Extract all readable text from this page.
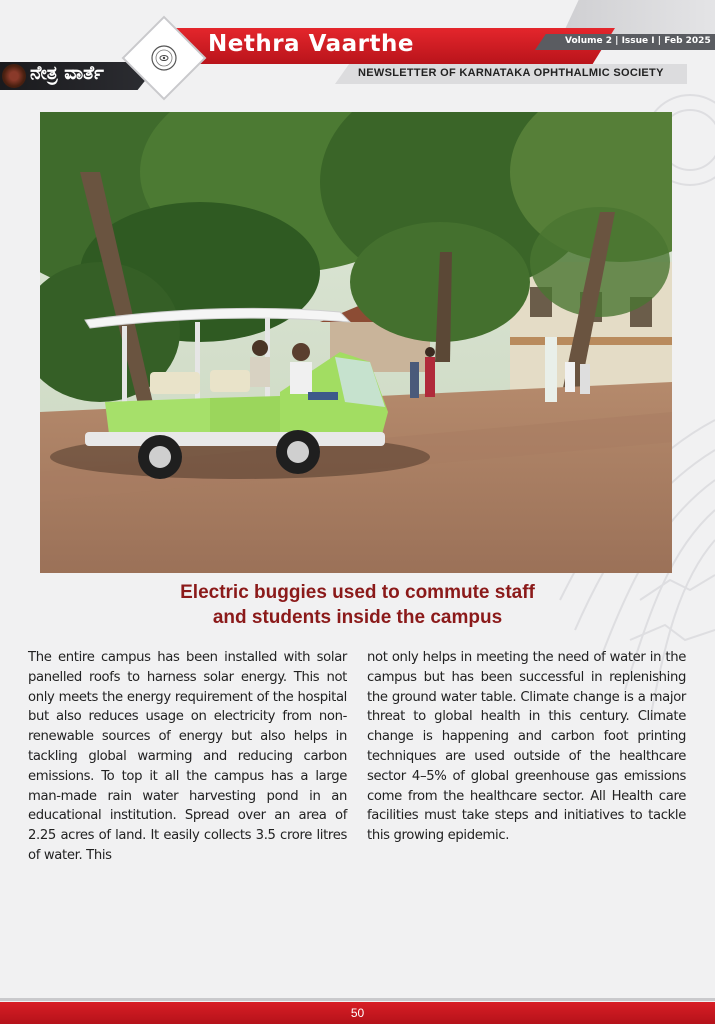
Nethra Vaarthe	Volume 2 | Issue I | Feb 2025
NEWSLETTER OF KARNATAKA OPHTHALMIC SOCIETY
ನೇತ್ರ ವಾರ್ತೆ
Electric buggies used to commute staff
and students inside the campus
The entire campus has been installed with solar panelled roofs to harness solar energy. This not only meets the energy requirement of the hospital but also reduces usage on electricity from non-renewable sources of energy but also helps in tackling global warming and reducing carbon emissions. To top it all the campus has a large man-made rain water harvesting pond in an educational institution. Spread over an area of 2.25 acres of land. It easily collects 3.5 crore litres of water. This
not only helps in meeting the need of water in the campus but has been successful in replenishing the ground water table. Climate change is a major threat to global health in this century. Climate change is happening and carbon foot printing techniques are used outside of the healthcare sector 4–5% of global greenhouse gas emissions come from the healthcare sector. All Health care facilities must take steps and initiatives to tackle this growing epidemic.
50
